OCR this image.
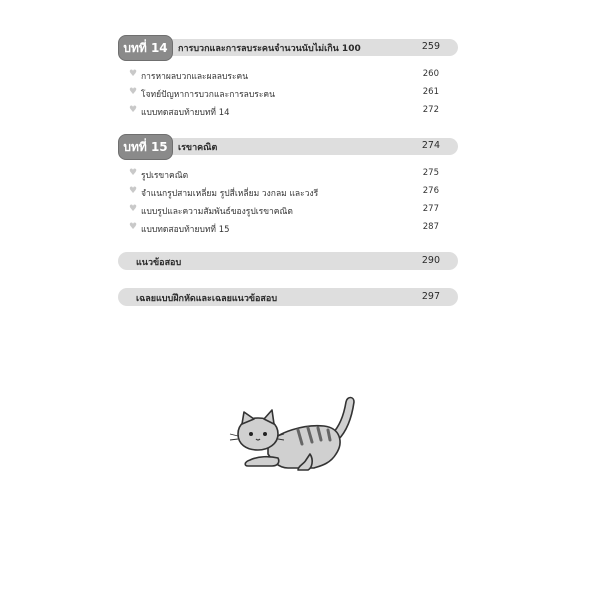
บทที่ 14	การบวกและการลบระคนจำนวนนับไม่เกิน 100	259
♥ การหาผลบวกและผลลบระคน	260
♥ โจทย์ปัญหาการบวกและการลบระคน	261
♥ แบบทดสอบท้ายบทที่ 14	272
บทที่ 15	เรขาคณิต	274
♥ รูปเรขาคณิต	275
♥ จำแนกรูปสามเหลี่ยม รูปสี่เหลี่ยม วงกลม และวงรี	276
♥ แบบรูปและความสัมพันธ์ของรูปเรขาคณิต	277
♥ แบบทดสอบท้ายบทที่ 15	287
แนวข้อสอบ	290
เฉลยแบบฝึกหัดและเฉลยแนวข้อสอบ	297
